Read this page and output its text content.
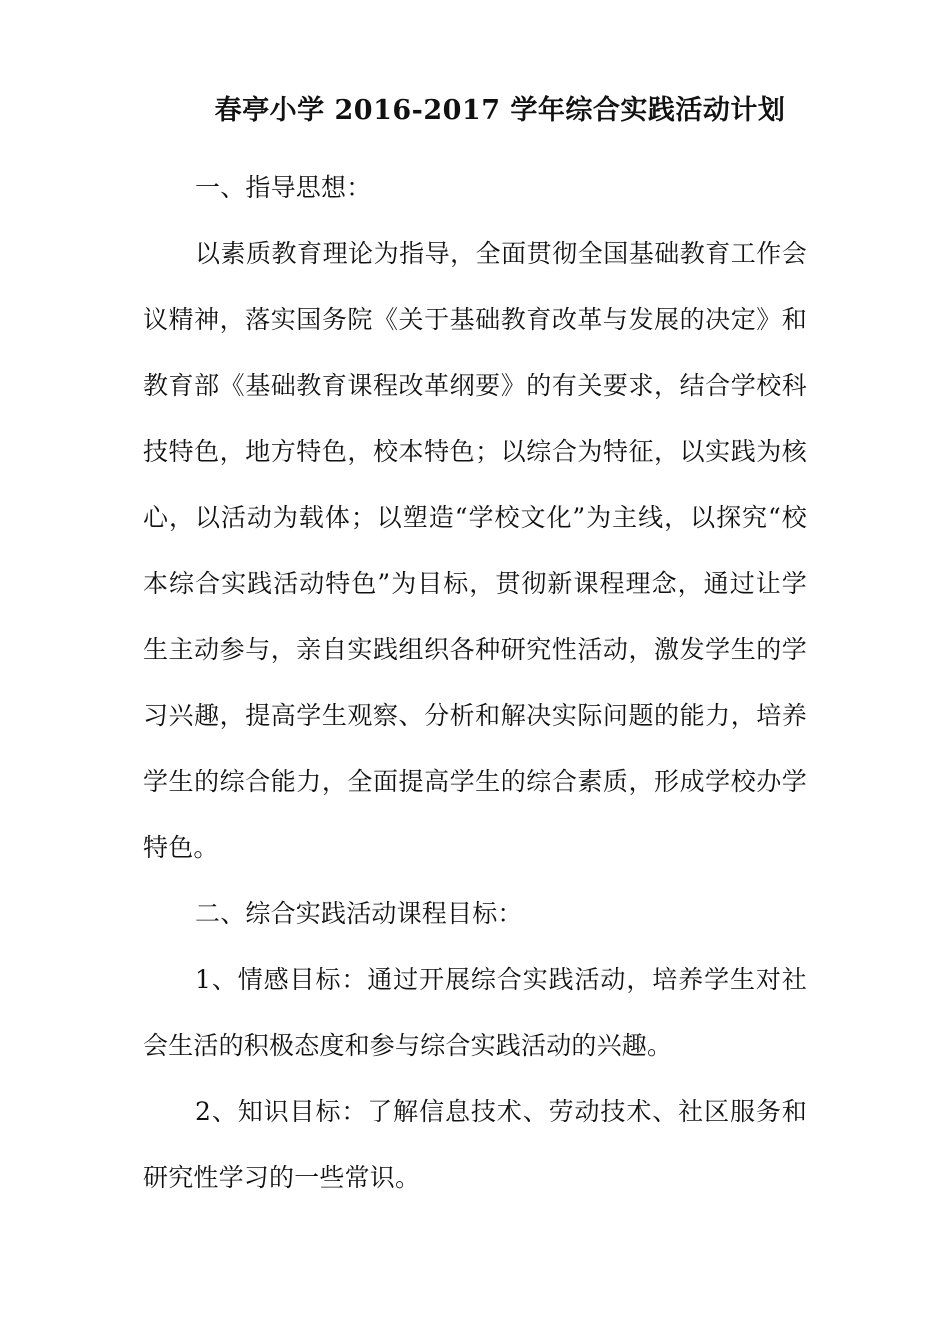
春亭小学 2016-2017 学年综合实践活动计划

一、指导思想：

以素质教育理论为指导，全面贯彻全国基础教育工作会议精神，落实国务院《关于基础教育改革与发展的决定》和教育部《基础教育课程改革纲要》的有关要求，结合学校科技特色，地方特色，校本特色；以综合为特征，以实践为核心，以活动为载体；以塑造“学校文化”为主线，以探究“校本综合实践活动特色”为目标，贯彻新课程理念，通过让学生主动参与，亲自实践组织各种研究性活动，激发学生的学习兴趣，提高学生观察、分析和解决实际问题的能力，培养学生的综合能力，全面提高学生的综合素质，形成学校办学特色。

二、综合实践活动课程目标：

1、情感目标：通过开展综合实践活动，培养学生对社会生活的积极态度和参与综合实践活动的兴趣。

2、知识目标：了解信息技术、劳动技术、社区服务和研究性学习的一些常识。
